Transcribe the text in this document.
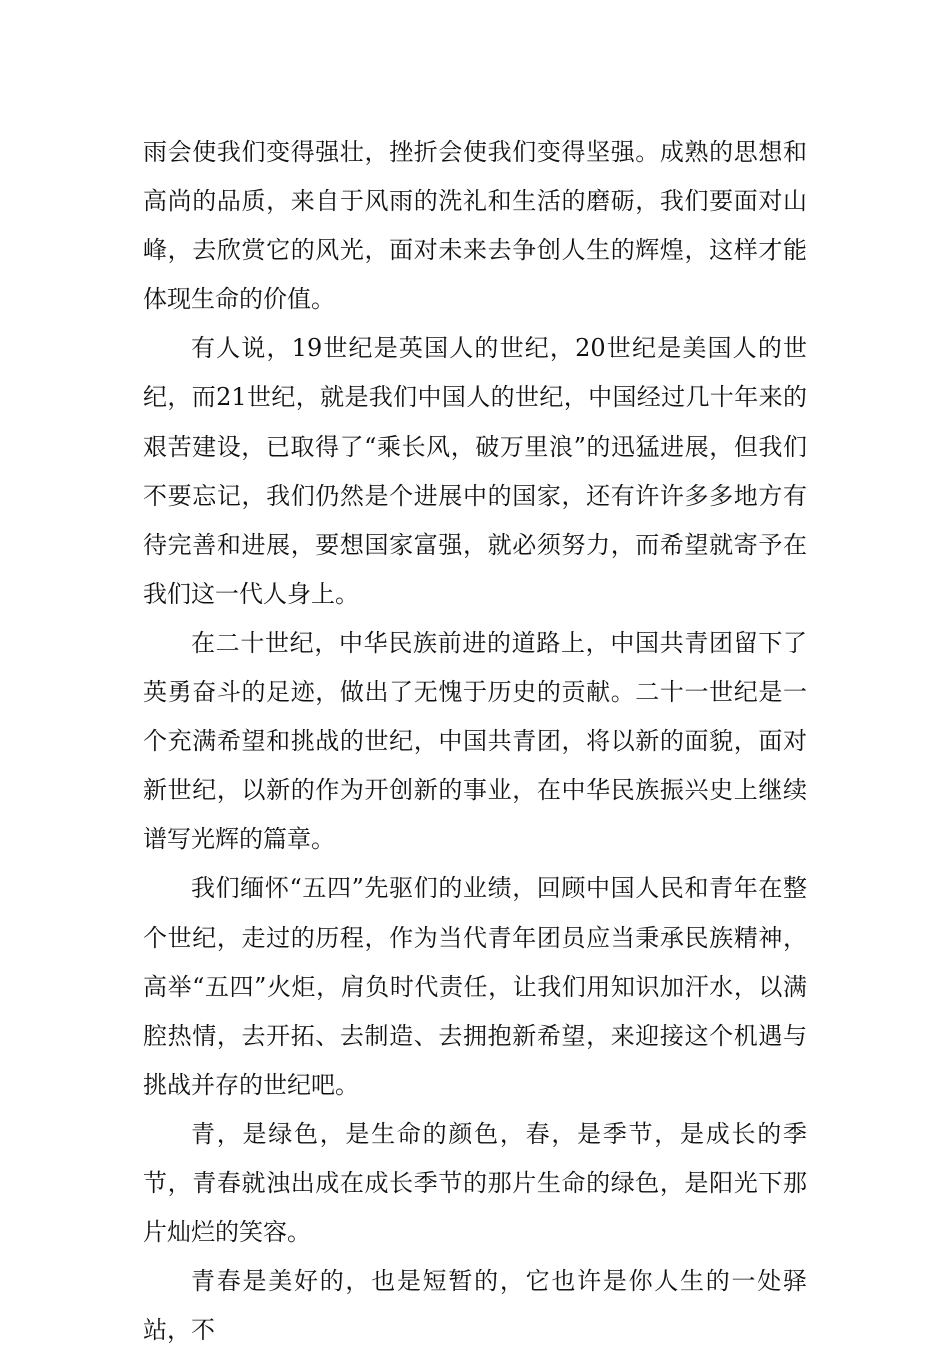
雨会使我们变得强壮，挫折会使我们变得坚强。成熟的思想和高尚的品质，来自于风雨的洗礼和生活的磨砺，我们要面对山峰，去欣赏它的风光，面对未来去争创人生的辉煌，这样才能体现生命的价值。

有人说，19世纪是英国人的世纪，20世纪是美国人的世纪，而21世纪，就是我们中国人的世纪，中国经过几十年来的艰苦建设，已取得了“乘长风，破万里浪”的迅猛进展，但我们不要忘记，我们仍然是个进展中的国家，还有许许多多地方有待完善和进展，要想国家富强，就必须努力，而希望就寄予在我们这一代人身上。

在二十世纪，中华民族前进的道路上，中国共青团留下了英勇奋斗的足迹，做出了无愧于历史的贡献。二十一世纪是一个充满希望和挑战的世纪，中国共青团，将以新的面貌，面对新世纪，以新的作为开创新的事业，在中华民族振兴史上继续谱写光辉的篇章。

我们缅怀“五四”先驱们的业绩，回顾中国人民和青年在整个世纪，走过的历程，作为当代青年团员应当秉承民族精神，高举“五四”火炬，肩负时代责任，让我们用知识加汗水，以满腔热情，去开拓、去制造、去拥抱新希望，来迎接这个机遇与挑战并存的世纪吧。

青，是绿色，是生命的颜色，春，是季节，是成长的季节，青春就浊出成在成长季节的那片生命的绿色，是阳光下那片灿烂的笑容。

青春是美好的，也是短暂的，它也许是你人生的一处驿站，不
